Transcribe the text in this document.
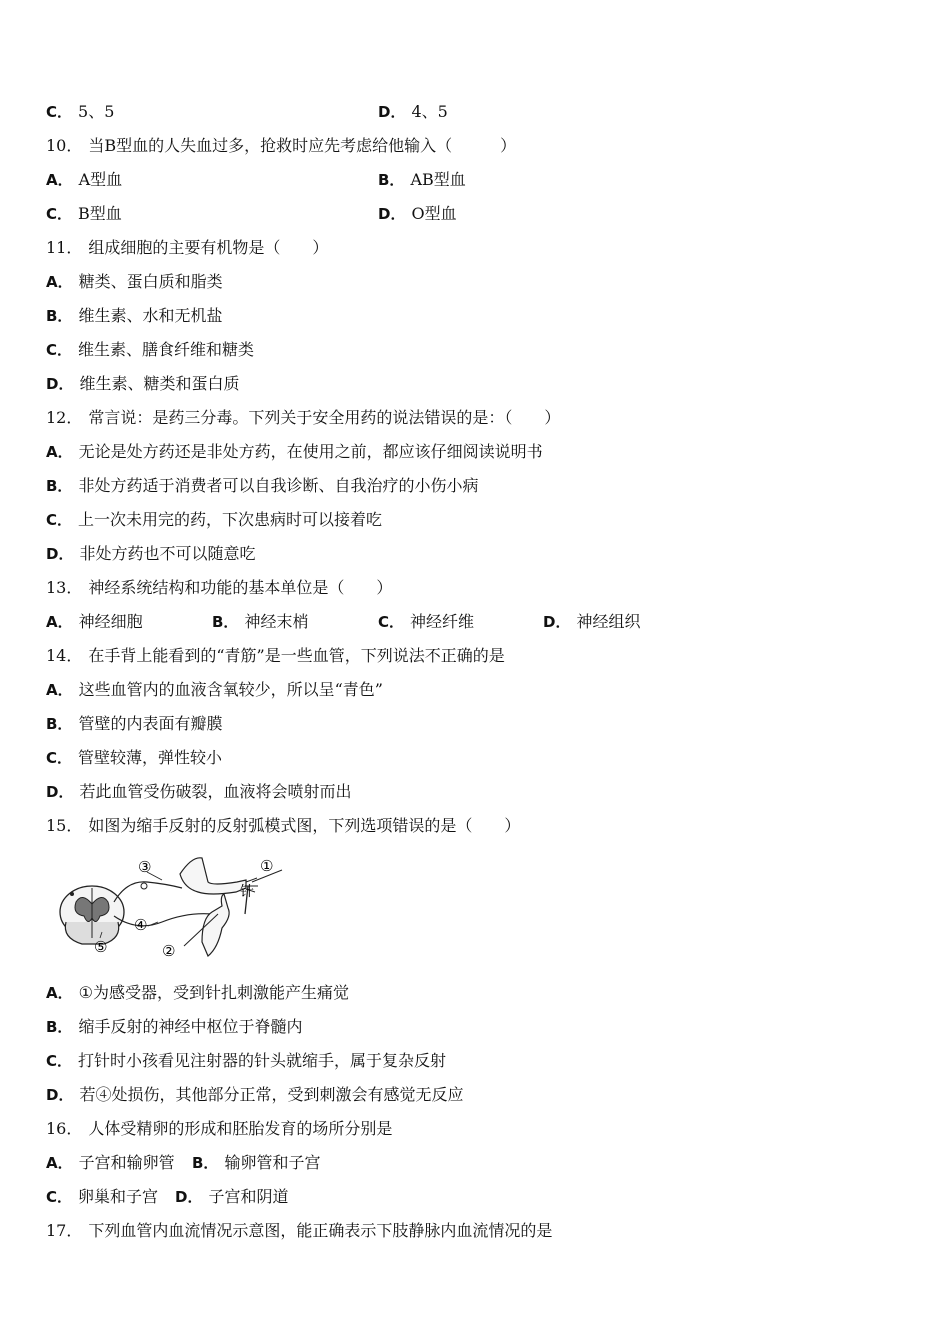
C． 5、5	D． 4、5
10． 当B型血的人失血过多，抢救时应先考虑给他输入（　　　）
A． A型血	B． AB型血
C． B型血	D． O型血
11． 组成细胞的主要有机物是（　　）
A． 糖类、蛋白质和脂类
B． 维生素、水和无机盐
C． 维生素、膳食纤维和糖类
D． 维生素、糖类和蛋白质
12． 常言说：是药三分毒。下列关于安全用药的说法错误的是：（　　）
A． 无论是处方药还是非处方药，在使用之前，都应该仔细阅读说明书
B． 非处方药适于消费者可以自我诊断、自我治疗的小伤小病
C． 上一次未用完的药，下次患病时可以接着吃
D． 非处方药也不可以随意吃
13． 神经系统结构和功能的基本单位是（　　）
A． 神经细胞	B． 神经末梢	C． 神经纤维	D． 神经组织
14． 在手背上能看到的“青筋”是一些血管，下列说法不正确的是
A． 这些血管内的血液含氧较少，所以呈“青色”
B． 管壁的内表面有瓣膜
C． 管壁较薄，弹性较小
D． 若此血管受伤破裂，血液将会喷射而出
15． 如图为缩手反射的反射弧模式图，下列选项错误的是（　　）
③	①
针
④
⑤	②
A． ①为感受器，受到针扎刺激能产生痛觉
B． 缩手反射的神经中枢位于脊髓内
C． 打针时小孩看见注射器的针头就缩手，属于复杂反射
D． 若④处损伤，其他部分正常，受到刺激会有感觉无反应
16． 人体受精卵的形成和胚胎发育的场所分别是
A． 子宫和输卵管 B． 输卵管和子宫
C． 卵巢和子宫 D． 子宫和阴道
17． 下列血管内血流情况示意图，能正确表示下肢静脉内血流情况的是
